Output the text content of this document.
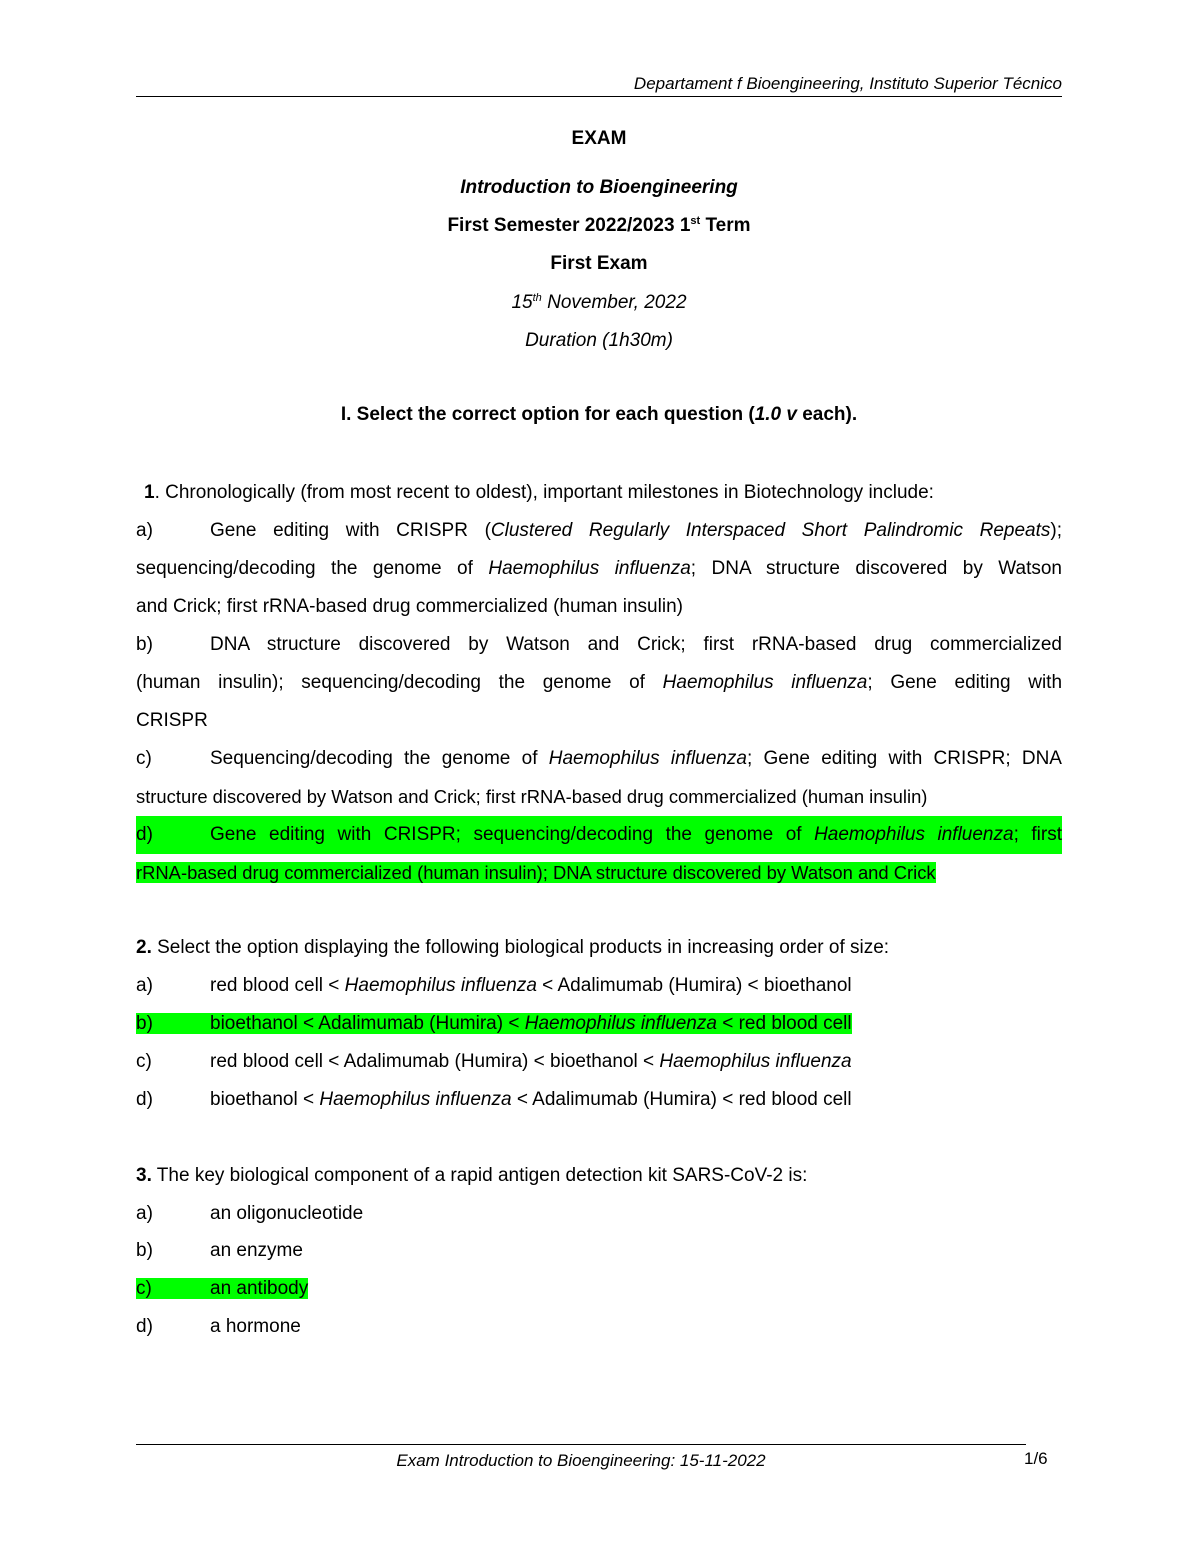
Departament f Bioengineering, Instituto Superior Técnico
EXAM
Introduction to Bioengineering
First Semester 2022/2023 1st Term
First Exam
15th November, 2022
Duration (1h30m)
I. Select the correct option for each question (1.0 v each).
1. Chronologically (from most recent to oldest), important milestones in Biotechnology include:
a)	Gene editing with CRISPR (Clustered Regularly Interspaced Short Palindromic Repeats);
sequencing/decoding the genome of Haemophilus influenza; DNA structure discovered by Watson
and Crick; first rRNA-based drug commercialized (human insulin)
b)	DNA structure discovered by Watson and Crick; first rRNA-based drug commercialized
(human insulin); sequencing/decoding the genome of Haemophilus influenza; Gene editing with
CRISPR
c)	Sequencing/decoding the genome of Haemophilus influenza; Gene editing with CRISPR; DNA
structure discovered by Watson and Crick; first rRNA-based drug commercialized (human insulin)
d)	Gene editing with CRISPR; sequencing/decoding the genome of Haemophilus influenza; first
rRNA-based drug commercialized (human insulin); DNA structure discovered by Watson and Crick
2. Select the option displaying the following biological products in increasing order of size:
a)	red blood cell < Haemophilus influenza < Adalimumab (Humira) < bioethanol
b)	bioethanol < Adalimumab (Humira) < Haemophilus influenza < red blood cell
c)	red blood cell < Adalimumab (Humira) < bioethanol < Haemophilus influenza
d)	bioethanol < Haemophilus influenza < Adalimumab (Humira) < red blood cell
3. The key biological component of a rapid antigen detection kit SARS-CoV-2 is:
a)	an oligonucleotide
b)	an enzyme
c)	an antibody
d)	a hormone
Exam Introduction to Bioengineering: 15-11-2022	1/6
